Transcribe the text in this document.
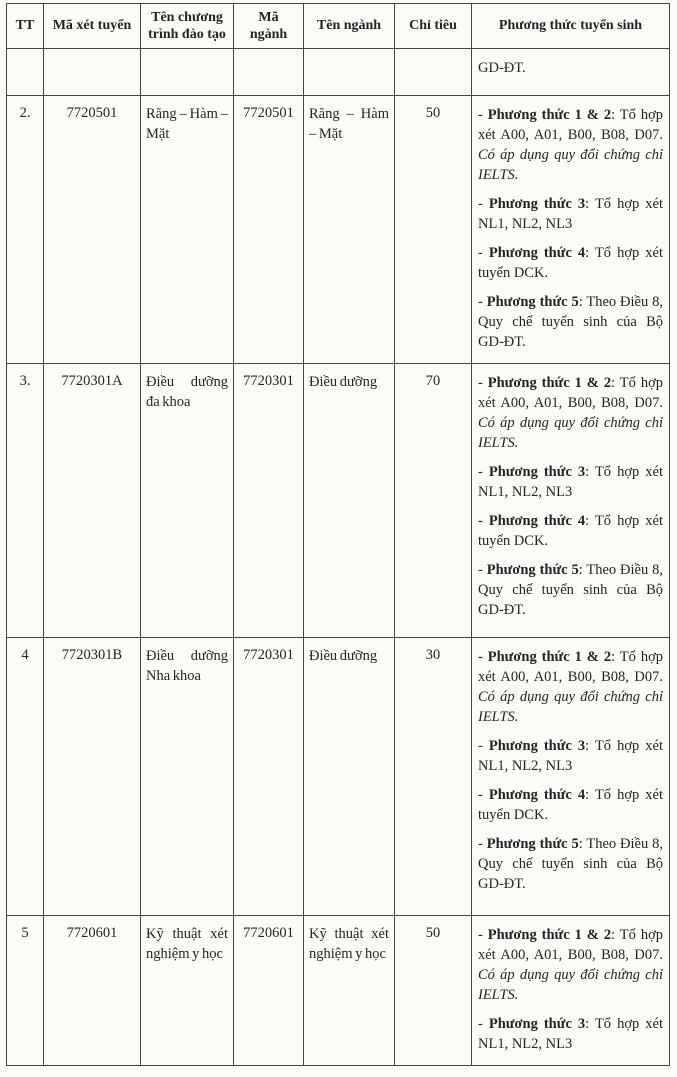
TT	Mã xét tuyển	Tên chương trình đào tạo	Mã ngành	Tên ngành	Chỉ tiêu	Phương thức tuyển sinh

						GD-ĐT.

2.	7720501	Răng – Hàm – Mặt	7720501	Răng – Hàm – Mặt	50	- Phương thức 1 & 2: Tổ hợp xét A00, A01, B00, B08, D07. Có áp dụng quy đổi chứng chỉ IELTS.

- Phương thức 3: Tổ hợp xét NL1, NL2, NL3

- Phương thức 4: Tổ hợp xét tuyển DCK.

- Phương thức 5: Theo Điều 8, Quy chế tuyển sinh của Bộ GD-ĐT.

3.	7720301A	Điều dưỡng đa khoa	7720301	Điều dưỡng	70	- Phương thức 1 & 2: Tổ hợp xét A00, A01, B00, B08, D07. Có áp dụng quy đổi chứng chỉ IELTS.

- Phương thức 3: Tổ hợp xét NL1, NL2, NL3

- Phương thức 4: Tổ hợp xét tuyển DCK.

- Phương thức 5: Theo Điều 8, Quy chế tuyển sinh của Bộ GD-ĐT.

4	7720301B	Điều dưỡng Nha khoa	7720301	Điều dưỡng	30	- Phương thức 1 & 2: Tổ hợp xét A00, A01, B00, B08, D07. Có áp dụng quy đổi chứng chỉ IELTS.

- Phương thức 3: Tổ hợp xét NL1, NL2, NL3

- Phương thức 4: Tổ hợp xét tuyển DCK.

- Phương thức 5: Theo Điều 8, Quy chế tuyển sinh của Bộ GD-ĐT.

5	7720601	Kỹ thuật xét nghiệm y học	7720601	Kỹ thuật xét nghiệm y học	50	- Phương thức 1 & 2: Tổ hợp xét A00, A01, B00, B08, D07. Có áp dụng quy đổi chứng chỉ IELTS.

- Phương thức 3: Tổ hợp xét NL1, NL2, NL3
